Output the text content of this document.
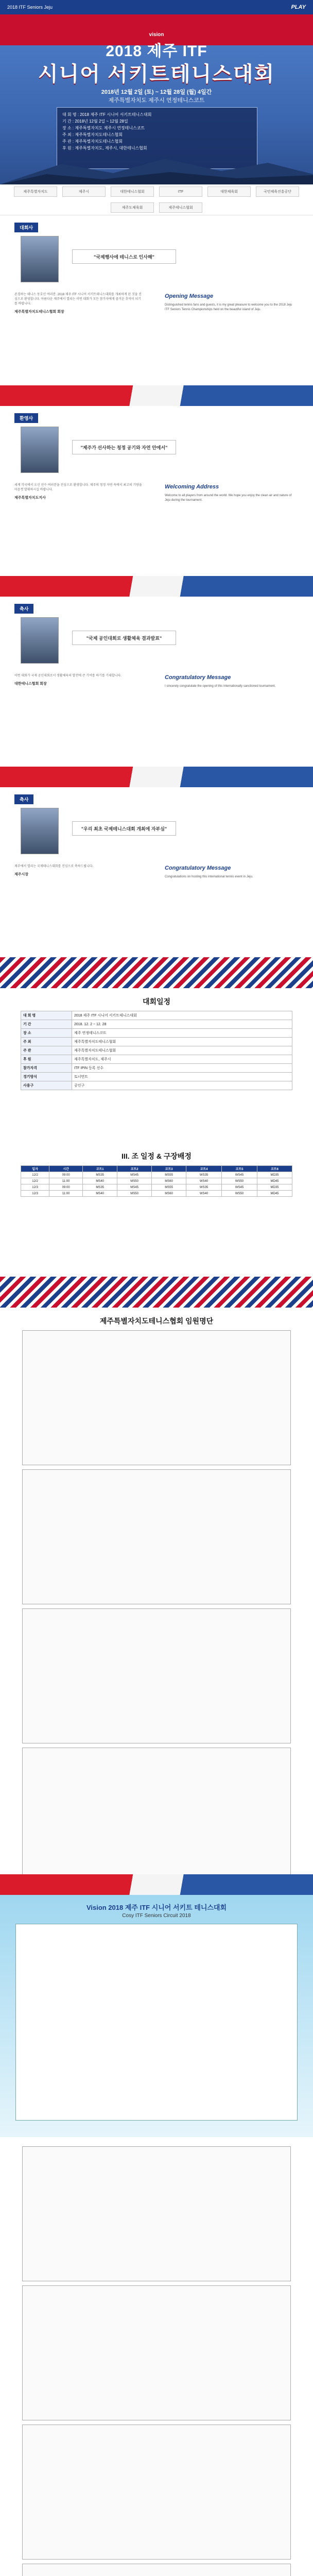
2018 ITF Seniors Jeju	PLAY
vision
2018 제주 ITF
시니어 서키트테니스대회
2018년 12월 2일 (토) ~ 12월 28일 (월) 4일간
제주특별자치도 제주시 연정테니스코트
대 회 명 : 2018 제주 ITF 시니어 서키트테니스대회
기 간 : 2018년 12월 2일 ~ 12월 28일
장 소 : 제주특별자치도 제주시 연정테니스코트
주 최 : 제주특별자치도테니스협회
주 관 : 제주특별자치도테니스협회
후 원 : 제주특별자치도, 제주시, 대한테니스협회
제주특별자치도	제주시	대한테니스협회	ITF	대한체육회	국민체육진흥공단
제주도체육회	제주테니스협회
대회사
"국제행사에 테니스로 인사해"

존경하는 테니스 동호인 여러분. 2018 제주 ITF 시니어 서키트테니스대회를 개최하게 된 것을 진심으로 환영합니다. 아름다운 제주에서 열리는 이번 대회가 모든 참가자에게 즐거운 추억이 되기를 바랍니다.

제주특별자치도테니스협회 회장
Opening Message

Distinguished tennis fans and guests, it is my great pleasure to welcome you to the 2018 Jeju ITF Seniors Tennis Championships held on the beautiful island of Jeju.

환영사
"제주가 선사하는 청정 공기와 자연 안에서"

세계 각국에서 오신 선수 여러분을 진심으로 환영합니다. 제주의 청정 자연 속에서 최고의 기량을 마음껏 발휘하시길 바랍니다.

제주특별자치도지사
Welcoming Address

Welcome to all players from around the world. We hope you enjoy the clean air and nature of Jeju during the tournament.

축사
"국제 공인대회로 생활체육 결과발표"

이번 대회가 국제 공인대회로서 생활체육의 발전에 큰 기여를 하기를 기대합니다.

대한테니스협회 회장
Congratulatory Message

I sincerely congratulate the opening of this internationally sanctioned tournament.

축사
"우리 최초 국제테니스대회 개최에 자부심"

제주에서 열리는 국제테니스대회를 진심으로 축하드립니다.

제주시장
Congratulatory Message

Congratulations on hosting this international tennis event in Jeju.

대회일정
대 회 명	2018 제주 ITF 시니어 서키트테니스대회
기 간	2018. 12. 2 ~ 12. 28
장 소	제주 연정테니스코트
주 최	제주특별자치도테니스협회
주 관	제주특별자치도테니스협회
후 원	제주특별자치도, 제주시
참가자격	ITF IPIN 등록 선수
경기방식	토너먼트
사용구	공인구
III. 조 일정 & 구장배정
일자	시간	코트1	코트2	코트3	코트4	코트5	코트6
12/2	09:00	MS35	MS45	MS55	WS35	WS45	MD35
12/2	11:00	MS40	MS50	MS60	WS40	WS50	MD45
12/3	09:00	MS35	MS45	MS55	WS35	WS45	MD35
12/3	11:00	MS40	MS50	MS60	WS40	WS50	MD45
제주특별자치도테니스협회 임원명단
Vision 2018 제주 ITF 시니어 서키트 테니스대회
Cosy ITF Seniors Circuit 2018
